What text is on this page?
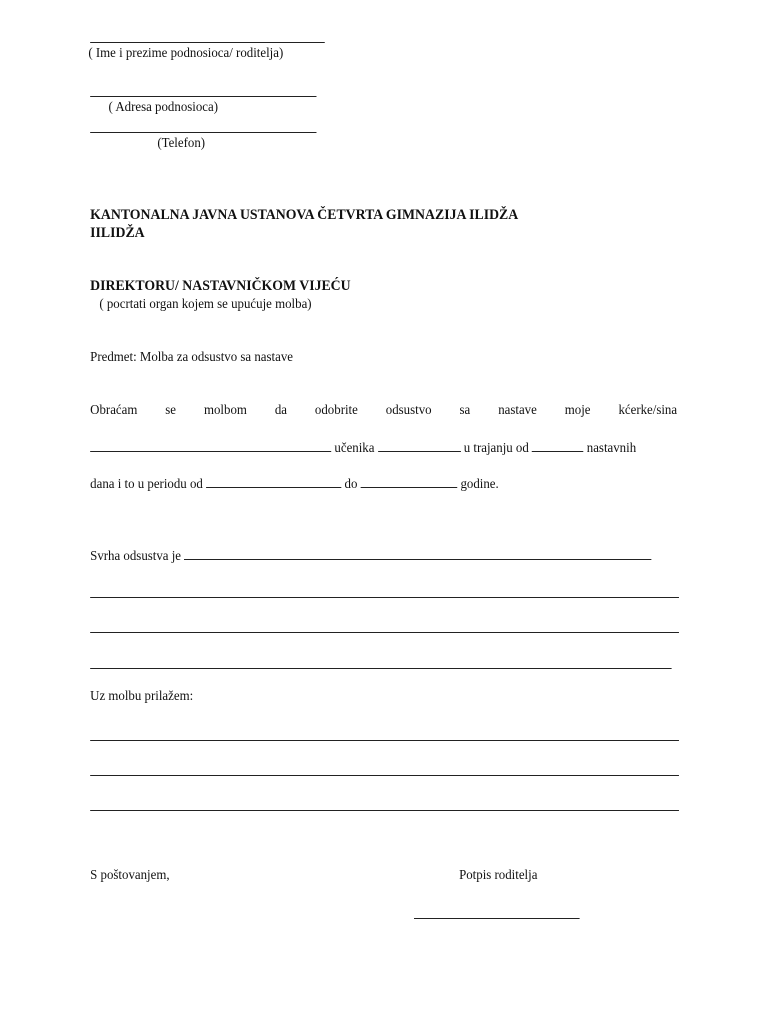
( Ime i prezime podnosioca/ roditelja)
( Adresa podnosioca)
(Telefon)
KANTONALNA JAVNA USTANOVA ČETVRTA GIMNAZIJA ILIDŽA
IILIDŽA
DIREKTORU/ NASTAVNIČKOM VIJEĆU
( pocrtati organ kojem se upućuje molba)
Predmet: Molba za odsustvo sa nastave
Obraćam se molbom da odobrite odsustvo sa nastave moje kćerke/sina
učenika	u trajanju od	nastavnih
dana i to u periodu od	do	godine.
Svrha odsustva je
Uz molbu prilažem:
S poštovanjem,	Potpis roditelja
